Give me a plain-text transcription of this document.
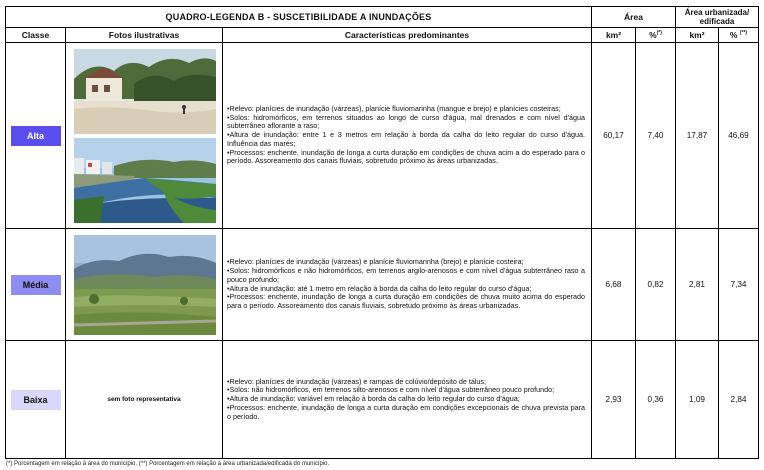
QUADRO-LEGENDA B - SUSCETIBILIDADE A INUNDAÇÕES			Área		Área urbanizada/ edificada	
Classe	Fotos ilustrativas	Características predominantes	km²	%(*)	km²	% (**)
Alta		•Relevo: planícies de inundação (várzeas), planície fluviomarinha (mangue e brejo) e planícies costeiras;
•Solos: hidromórficos, em terrenos situados ao longo de curso d'água, mal drenados e com nível d'água subterrâneo aflorante a raso;
•Altura de inundação: entre 1 e 3 metros em relação à borda da calha do leito regular do curso d'água. Influência das marés;
•Processos: enchente, inundação de longa a curta duração em condições de chuva acim a do esperado para o período. Assoreamento dos canais fluviais, sobretudo próximo às áreas urbanizadas.	60,17	7,40	17,87	46,69
Média		•Relevo: planícies de inundação (várzeas) e planície fluviomarinha (brejo) e planície costeira;
•Solos: hidromórficos e não hidromórficos, em terrenos argilo-arenosos e com nível d'água subterrâneo raso a pouco profundo;
•Altura de inundação: até 1 metro em relação à borda da calha do leito regular do curso d'água;
•Processos: enchente, inundação de longa a curta duração em condições de chuva muito acima do esperado para o período. Assoreamento dos canais fluviais, sobretudo próximo às áreas urbanizadas.	6,68	0,82	2,81	7,34
Baixa	sem foto representativa	•Relevo: planícies de inundação (várzeas) e rampas de colúvio/depósito de tálus;
•Solos: não hidromórficos, em terrenos silto-arenosos e com nível d'água subterrâneo pouco profundo;
•Altura de inundação: variável em relação à borda da calha do leito regular do curso d'água;
•Processos: enchente, inundação de longa a curta duração em condições excepcionais de chuva prevista para o período.	2,93	0,36	1,09	2,84
(*) Porcentagem em relação à área do município. (**) Porcentagem em relação à área urbanizada/edificada do município.
